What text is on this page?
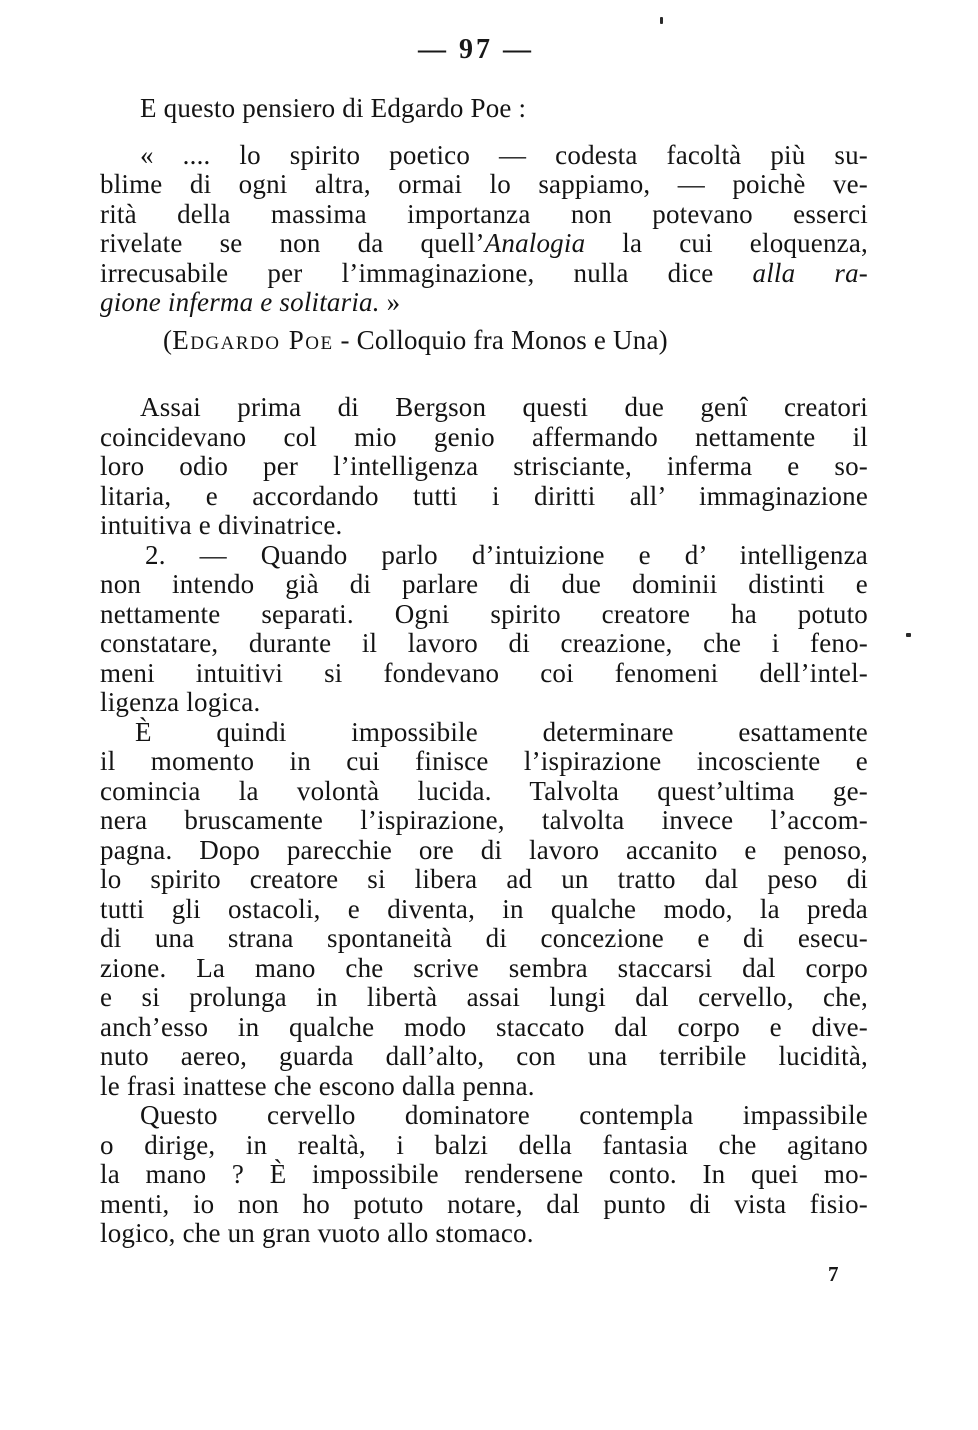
— 97 —
E questo pensiero di Edgardo Poe :
« .... lo spirito poetico — codesta facoltà più su-
blime di ogni altra, ormai lo sappiamo, — poichè ve-
rità della massima importanza non potevano esserci
rivelate se non da quell’Analogia la cui eloquenza,
irrecusabile per l’immaginazione, nulla dice alla ra-
gione inferma e solitaria. »
(Edgardo Poe - Colloquio fra Monos e Una)
Assai prima di Bergson questi due genî creatori
coincidevano col mio genio affermando nettamente il
loro odio per l’intelligenza strisciante, inferma e so-
litaria, e accordando tutti i diritti all’ immaginazione
intuitiva e divinatrice.
2. — Quando parlo d’intuizione e d’ intelligenza
non intendo già di parlare di due dominii distinti e
nettamente separati. Ogni spirito creatore ha potuto
constatare, durante il lavoro di creazione, che i feno-
meni intuitivi si fondevano coi fenomeni dell’intel-
ligenza logica.
È quindi impossibile determinare esattamente
il momento in cui finisce l’ispirazione incosciente e
comincia la volontà lucida. Talvolta quest’ultima ge-
nera bruscamente l’ispirazione, talvolta invece l’accom-
pagna. Dopo parecchie ore di lavoro accanito e penoso,
lo spirito creatore si libera ad un tratto dal peso di
tutti gli ostacoli, e diventa, in qualche modo, la preda
di una strana spontaneità di concezione e di esecu-
zione. La mano che scrive sembra staccarsi dal corpo
e si prolunga in libertà assai lungi dal cervello, che,
anch’esso in qualche modo staccato dal corpo e dive-
nuto aereo, guarda dall’alto, con una terribile lucidità,
le frasi inattese che escono dalla penna.
Questo cervello dominatore contempla impassibile
o dirige, in realtà, i balzi della fantasia che agitano
la mano ? È impossibile rendersene conto. In quei mo-
menti, io non ho potuto notare, dal punto di vista fisio-
logico, che un gran vuoto allo stomaco.
7
